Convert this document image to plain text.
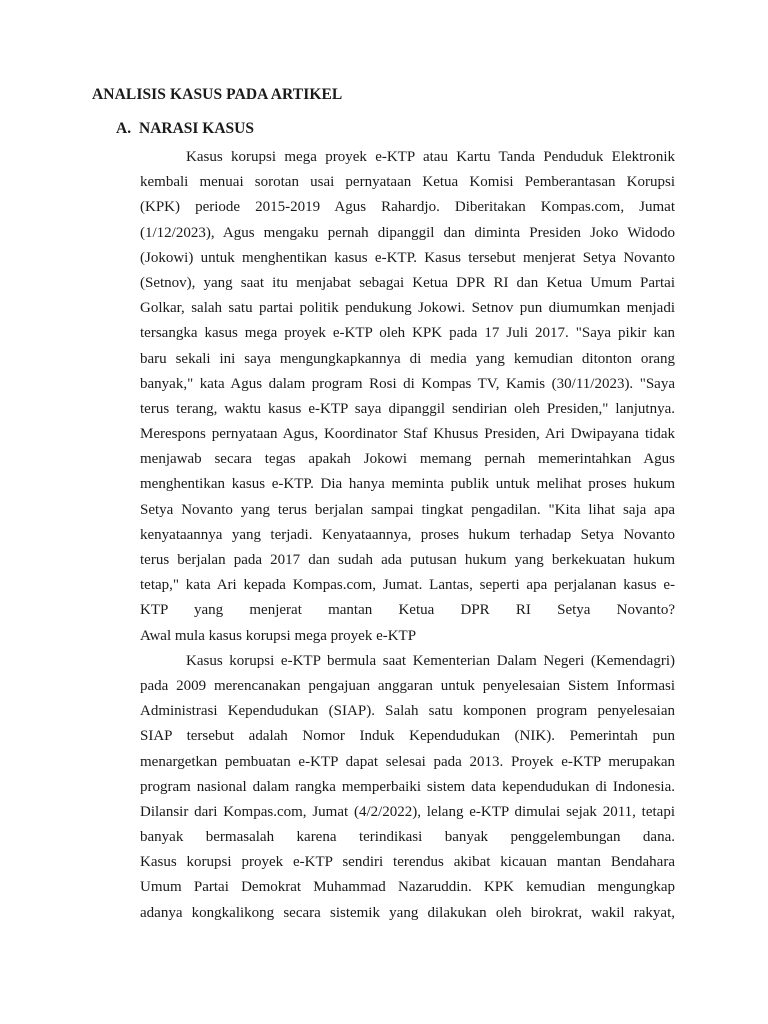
ANALISIS KASUS PADA ARTIKEL
A. NARASI KASUS
Kasus korupsi mega proyek e-KTP atau Kartu Tanda Penduduk Elektronik
kembali menuai sorotan usai pernyataan Ketua Komisi Pemberantasan Korupsi
(KPK) periode 2015-2019 Agus Rahardjo. Diberitakan Kompas.com, Jumat
(1/12/2023), Agus mengaku pernah dipanggil dan diminta Presiden Joko Widodo
(Jokowi) untuk menghentikan kasus e-KTP. Kasus tersebut menjerat Setya Novanto
(Setnov), yang saat itu menjabat sebagai Ketua DPR RI dan Ketua Umum Partai
Golkar, salah satu partai politik pendukung Jokowi. Setnov pun diumumkan menjadi
tersangka kasus mega proyek e-KTP oleh KPK pada 17 Juli 2017. "Saya pikir kan
baru sekali ini saya mengungkapkannya di media yang kemudian ditonton orang
banyak," kata Agus dalam program Rosi di Kompas TV, Kamis (30/11/2023). "Saya
terus terang, waktu kasus e-KTP saya dipanggil sendirian oleh Presiden," lanjutnya.
Merespons pernyataan Agus, Koordinator Staf Khusus Presiden, Ari Dwipayana tidak
menjawab secara tegas apakah Jokowi memang pernah memerintahkan Agus
menghentikan kasus e-KTP. Dia hanya meminta publik untuk melihat proses hukum
Setya Novanto yang terus berjalan sampai tingkat pengadilan. "Kita lihat saja apa
kenyataannya yang terjadi. Kenyataannya, proses hukum terhadap Setya Novanto
terus berjalan pada 2017 dan sudah ada putusan hukum yang berkekuatan hukum
tetap," kata Ari kepada Kompas.com, Jumat. Lantas, seperti apa perjalanan kasus e-
KTP yang menjerat mantan Ketua DPR RI Setya Novanto?
Awal mula kasus korupsi mega proyek e-KTP
Kasus korupsi e-KTP bermula saat Kementerian Dalam Negeri (Kemendagri)
pada 2009 merencanakan pengajuan anggaran untuk penyelesaian Sistem Informasi
Administrasi Kependudukan (SIAP). Salah satu komponen program penyelesaian
SIAP tersebut adalah Nomor Induk Kependudukan (NIK). Pemerintah pun
menargetkan pembuatan e-KTP dapat selesai pada 2013. Proyek e-KTP merupakan
program nasional dalam rangka memperbaiki sistem data kependudukan di Indonesia.
Dilansir dari Kompas.com, Jumat (4/2/2022), lelang e-KTP dimulai sejak 2011, tetapi
banyak bermasalah karena terindikasi banyak penggelembungan dana.
Kasus korupsi proyek e-KTP sendiri terendus akibat kicauan mantan Bendahara
Umum Partai Demokrat Muhammad Nazaruddin. KPK kemudian mengungkap
adanya kongkalikong secara sistemik yang dilakukan oleh birokrat, wakil rakyat,
